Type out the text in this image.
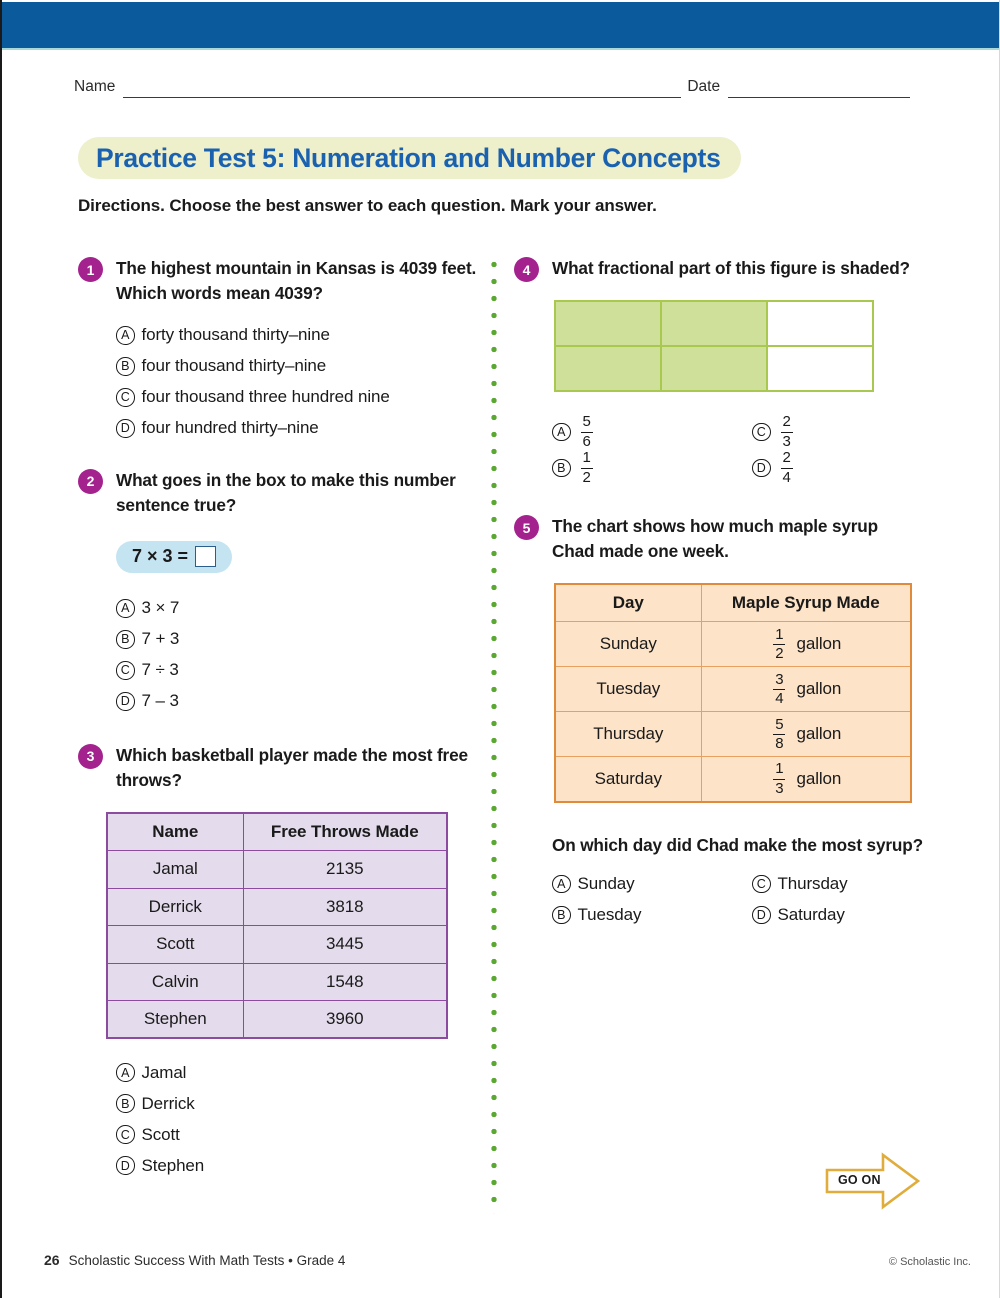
Name	Date
Practice Test 5: Numeration and Number Concepts
Directions. Choose the best answer to each question. Mark your answer.
1	The highest mountain in Kansas is 4039 feet. Which words mean 4039?
A forty thousand thirty–nine
B four thousand thirty–nine
C four thousand three hundred nine
D four hundred thirty–nine
2	What goes in the box to make this number sentence true?
7 × 3 =
A 3 × 7
B 7 + 3
C 7 ÷ 3
D 7 – 3
3	Which basketball player made the most free throws?
Name	Free Throws Made
Jamal	2135
Derrick	3818
Scott	3445
Calvin	1548
Stephen	3960
A Jamal
B Derrick
C Scott
D Stephen
4	What fractional part of this figure is shaded?
A	$\frac{5}{6}$	C $\frac{2}{3}$
B	$\frac{1}{2}$	D $\frac{2}{4}$
5	The chart shows how much maple syrup Chad made one week.
Day	Maple Syrup Made
Sunday	$\frac{1}{2}$ gallon

Tuesday	$\frac{3}{4}$ gallon

Thursday	$\frac{5}{8}$ gallon

Saturday	$\frac{1}{3}$ gallon
On which day did Chad make the most syrup?
A Sunday	C Thursday
B Tuesday	D Saturday
GO ON
26 Scholastic Success With Math Tests • Grade 4	© Scholastic Inc.
